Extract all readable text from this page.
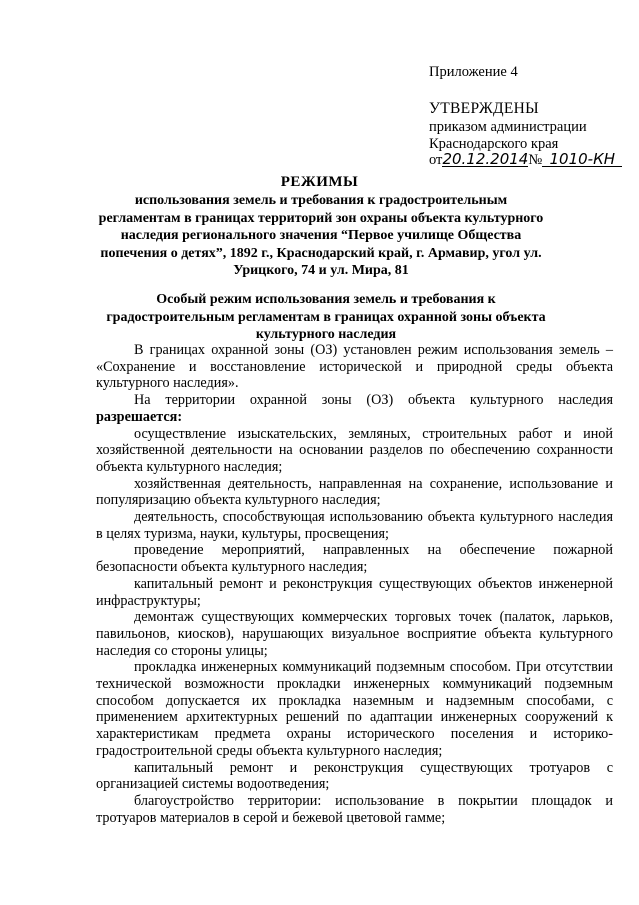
Приложение 4
УТВЕРЖДЕНЫ
приказом администрации
Краснодарского края
от20.12.2014№ 1010-КН
РЕЖИМЫ
использования земель и требования к градостроительным регламентам в границах территорий зон охраны объекта культурного наследия регионального значения “Первое училище Общества попечения о детях”, 1892 г., Краснодарский край, г. Армавир, угол ул. Урицкого, 74 и ул. Мира, 81
Особый режим использования земель и требования к градостроительным регламентам в границах охранной зоны объекта культурного наследия

В границах охранной зоны (ОЗ) установлен режим использования земель – «Сохранение и восстановление исторической и природной среды объекта культурного наследия».

На территории охранной зоны (ОЗ) объекта культурного наследия разрешается:

осуществление изыскательских, земляных, строительных работ и иной хозяйственной деятельности на основании разделов по обеспечению сохранности объекта культурного наследия;

хозяйственная деятельность, направленная на сохранение, использование и популяризацию объекта культурного наследия;

деятельность, способствующая использованию объекта культурного наследия в целях туризма, науки, культуры, просвещения;

проведение мероприятий, направленных на обеспечение пожарной безопасности объекта культурного наследия;

капитальный ремонт и реконструкция существующих объектов инженерной инфраструктуры;

демонтаж существующих коммерческих торговых точек (палаток, ларьков, павильонов, киосков), нарушающих визуальное восприятие объекта культурного наследия со стороны улицы;

прокладка инженерных коммуникаций подземным способом. При отсутствии технической возможности прокладки инженерных коммуникаций подземным способом допускается их прокладка наземным и надземным способами, с применением архитектурных решений по адаптации инженерных сооружений к характеристикам предмета охраны исторического поселения и историко-градостроительной среды объекта культурного наследия;

капитальный ремонт и реконструкция существующих тротуаров с организацией системы водоотведения;

благоустройство территории: использование в покрытии площадок и тротуаров материалов в серой и бежевой цветовой гамме;
